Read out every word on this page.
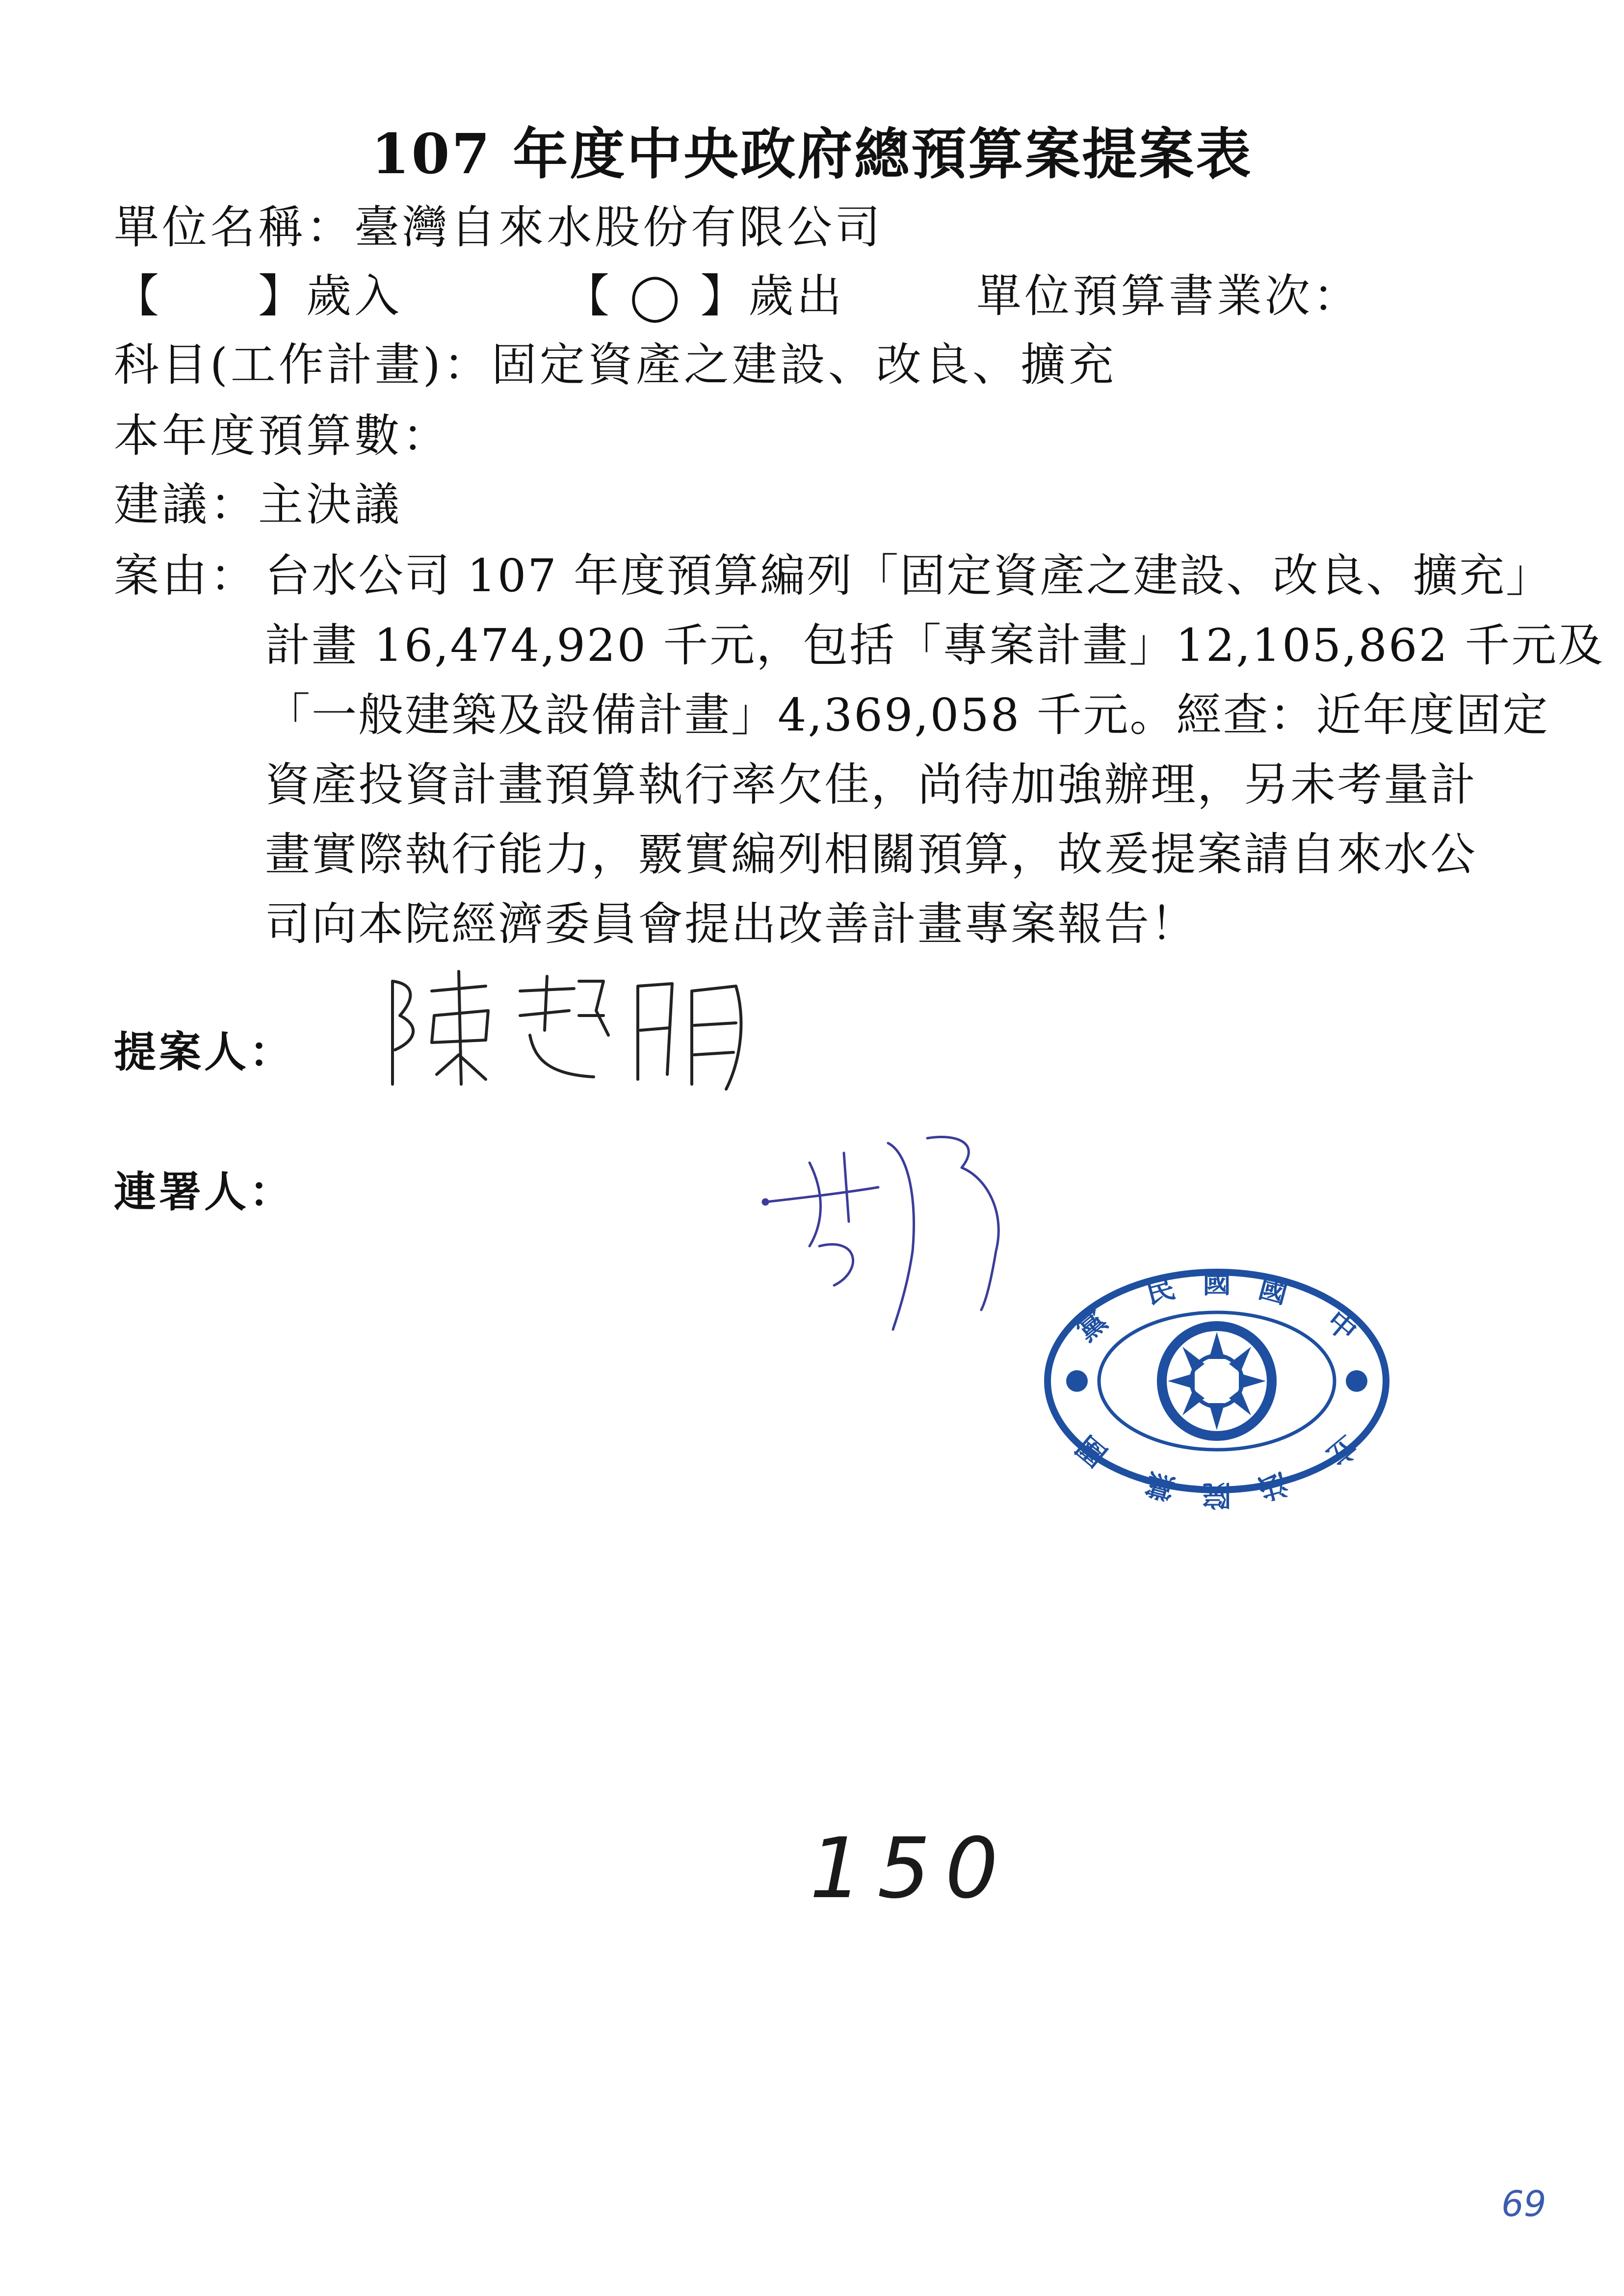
107 年度中央政府總預算案提案表
單位名稱：臺灣自來水股份有限公司
【　　】歲入	【 ◯ 】歲出	單位預算書業次：
科目(工作計畫)：固定資產之建設、改良、擴充
本年度預算數：
建議：主決議
案由： 台水公司 107 年度預算編列「固定資產之建設、改良、擴充」
計畫 16,474,920 千元，包括「專案計畫」12,105,862 千元及
「一般建築及設備計畫」4,369,058 千元。經查：近年度固定
資產投資計畫預算執行率欠佳，尚待加強辦理，另未考量計
畫實際執行能力，覈實編列相關預算，故爰提案請自來水公
司向本院經濟委員會提出改善計畫專案報告！
提案人：
連署人：
黨
民 國 國
中
團
黨 院 法
立
150
69
